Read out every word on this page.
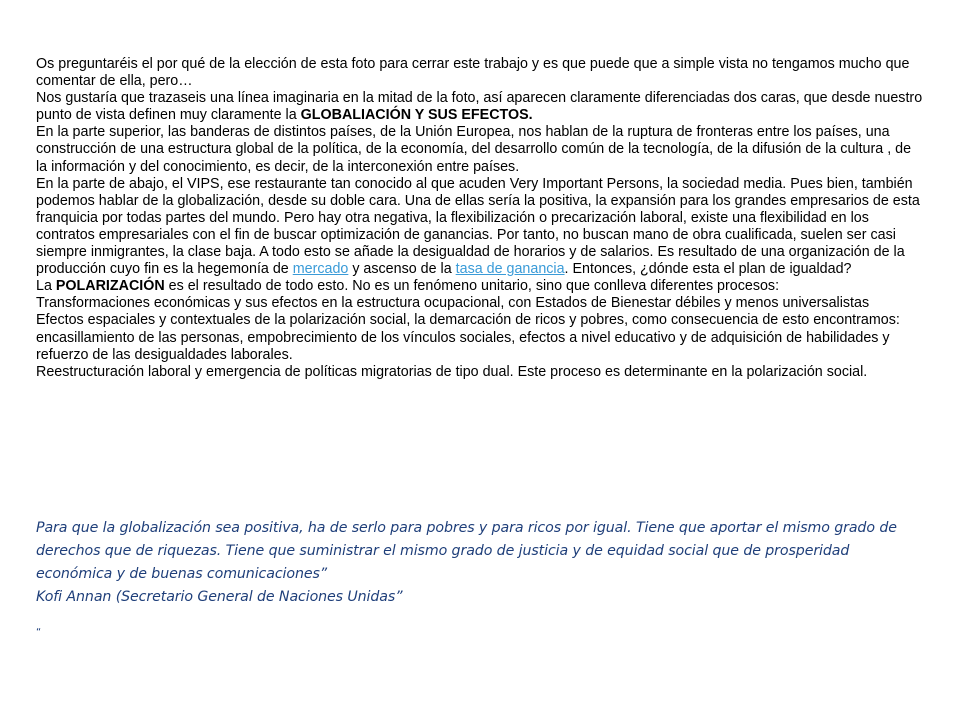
Os preguntaréis el por qué de la elección de esta foto para cerrar este trabajo y es que puede que a simple vista no tengamos mucho que comentar de ella, pero…

Nos gustaría que trazaseis una línea imaginaria en la mitad de la foto, así aparecen claramente diferenciadas dos caras, que desde nuestro punto de vista definen muy claramente la GLOBALIACIÓN Y SUS EFECTOS.

En la parte superior, las banderas de distintos países, de la Unión Europea, nos hablan de la ruptura de fronteras entre los países, una construcción de una estructura global de la política, de la economía, del desarrollo común de la tecnología, de la difusión de la cultura , de la información y del conocimiento, es decir, de la interconexión entre países.

En la parte de abajo, el VIPS, ese restaurante tan conocido al que acuden Very Important Persons, la sociedad media. Pues bien, también podemos hablar de la globalización, desde su doble cara. Una de ellas sería la positiva, la expansión para los grandes empresarios de esta franquicia por todas partes del mundo. Pero hay otra negativa, la flexibilización o precarización laboral, existe una flexibilidad en los contratos empresariales con el fin de buscar optimización de ganancias. Por tanto, no buscan mano de obra cualificada, suelen ser casi siempre inmigrantes, la clase baja. A todo esto se añade la desigualdad de horarios y de salarios. Es resultado de una organización de la producción cuyo fin es la hegemonía de mercado y ascenso de la tasa de ganancia. Entonces, ¿dónde esta el plan de igualdad?

La POLARIZACIÓN es el resultado de todo esto. No es un fenómeno unitario, sino que conlleva diferentes procesos:

Transformaciones económicas y sus efectos en la estructura ocupacional, con Estados de Bienestar débiles y menos universalistas

Efectos espaciales y contextuales de la polarización social, la demarcación de ricos y pobres, como consecuencia de esto encontramos: encasillamiento de las personas, empobrecimiento de los vínculos sociales, efectos a nivel educativo y de adquisición de habilidades y refuerzo de las desigualdades laborales.

Reestructuración laboral y emergencia de políticas migratorias de tipo dual. Este proceso es determinante en la polarización social.

Para que la globalización sea positiva, ha de serlo para pobres y para ricos por igual. Tiene que aportar el mismo grado de derechos que de riquezas. Tiene que suministrar el mismo grado de justicia y de equidad social que de prosperidad económica y de buenas comunicaciones”

Kofi Annan (Secretario General de Naciones Unidas”

“
